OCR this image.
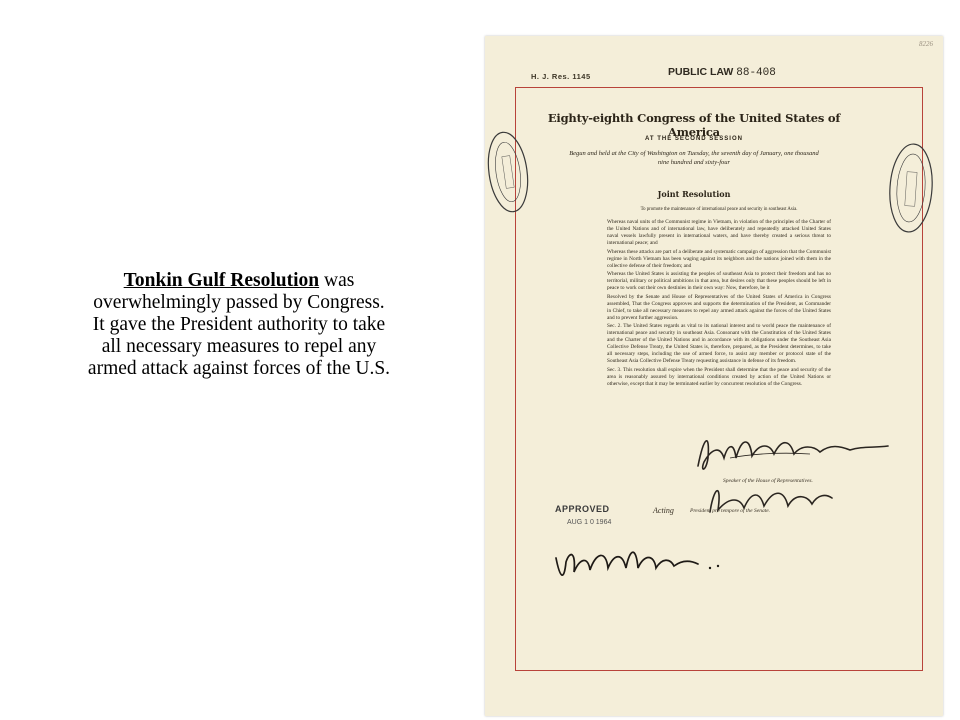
Tonkin Gulf Resolution was
overwhelmingly passed by Congress.
It gave the President authority to take
all necessary measures to repel any
armed attack against forces of the U.S.
8226
H. J. Res. 1145	PUBLIC LAW 88-408
Eighty-eighth Congress of the United States of America
AT THE SECOND SESSION
Begun and held at the City of Washington on Tuesday, the seventh day of January, one thousand nine hundred and sixty-four
Joint Resolution

To promote the maintenance of international peace and security in southeast Asia.

Whereas naval units of the Communist regime in Vietnam, in violation of the principles of the Charter of the United Nations and of international law, have deliberately and repeatedly attacked United States naval vessels lawfully present in international waters, and have thereby created a serious threat to international peace; and

Whereas these attacks are part of a deliberate and systematic campaign of aggression that the Communist regime in North Vietnam has been waging against its neighbors and the nations joined with them in the collective defense of their freedom; and

Whereas the United States is assisting the peoples of southeast Asia to protect their freedom and has no territorial, military or political ambitions in that area, but desires only that these peoples should be left in peace to work out their own destinies in their own way: Now, therefore, be it

Resolved by the Senate and House of Representatives of the United States of America in Congress assembled, That the Congress approves and supports the determination of the President, as Commander in Chief, to take all necessary measures to repel any armed attack against the forces of the United States and to prevent further aggression.

Sec. 2. The United States regards as vital to its national interest and to world peace the maintenance of international peace and security in southeast Asia. Consonant with the Constitution of the United States and the Charter of the United Nations and in accordance with its obligations under the Southeast Asia Collective Defense Treaty, the United States is, therefore, prepared, as the President determines, to take all necessary steps, including the use of armed force, to assist any member or protocol state of the Southeast Asia Collective Defense Treaty requesting assistance in defense of its freedom.

Sec. 3. This resolution shall expire when the President shall determine that the peace and security of the area is reasonably assured by international conditions created by action of the United Nations or otherwise, except that it may be terminated earlier by concurrent resolution of the Congress.

Speaker of the House of Representatives.
Acting	President pro tempore of the Senate.
APPROVED
AUG 1 0 1964
